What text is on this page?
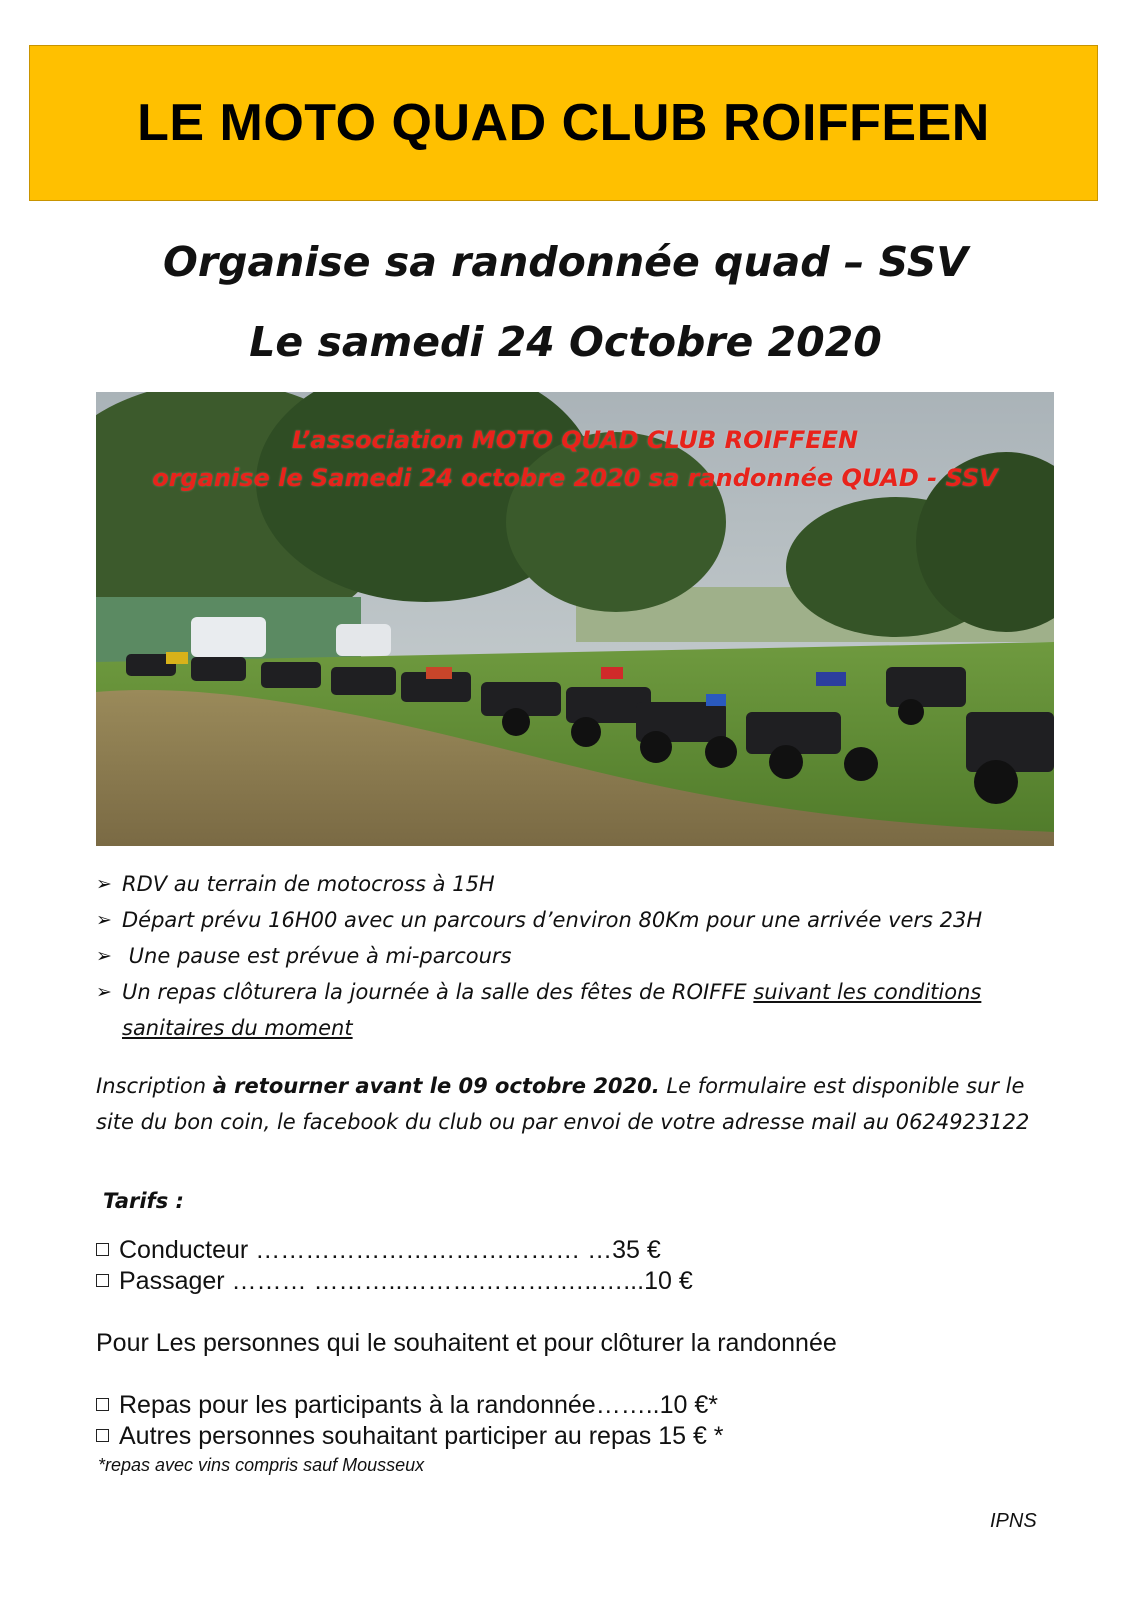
LE MOTO QUAD CLUB ROIFFEEN

Organise sa randonnée quad – SSV

Le samedi 24 Octobre 2020

L’association MOTO QUAD CLUB ROIFFEEN
organise le Samedi 24 octobre 2020 sa randonnée QUAD - SSV
➢ RDV au terrain de motocross à 15H
➢ Départ prévu 16H00 avec un parcours d’environ 80Km pour une arrivée vers 23H
➢ Une pause est prévue à mi-parcours
➢ Un repas clôturera la journée à la salle des fêtes de ROIFFE suivant les conditions sanitaires du moment

Inscription à retourner avant le 09 octobre 2020. Le formulaire est disponible sur le site du bon coin, le facebook du club ou par envoi de votre adresse mail au 0624923122

Tarifs :

Conducteur ………………………………… …35 €
Passager ……… ………..……………….…..…...10 €
Pour Les personnes qui le souhaitent et pour clôturer la randonnée
Repas pour les participants à la randonnée……..10 €*
Autres personnes souhaitant participer au repas 15 € *
*repas avec vins compris sauf Mousseux
IPNS
